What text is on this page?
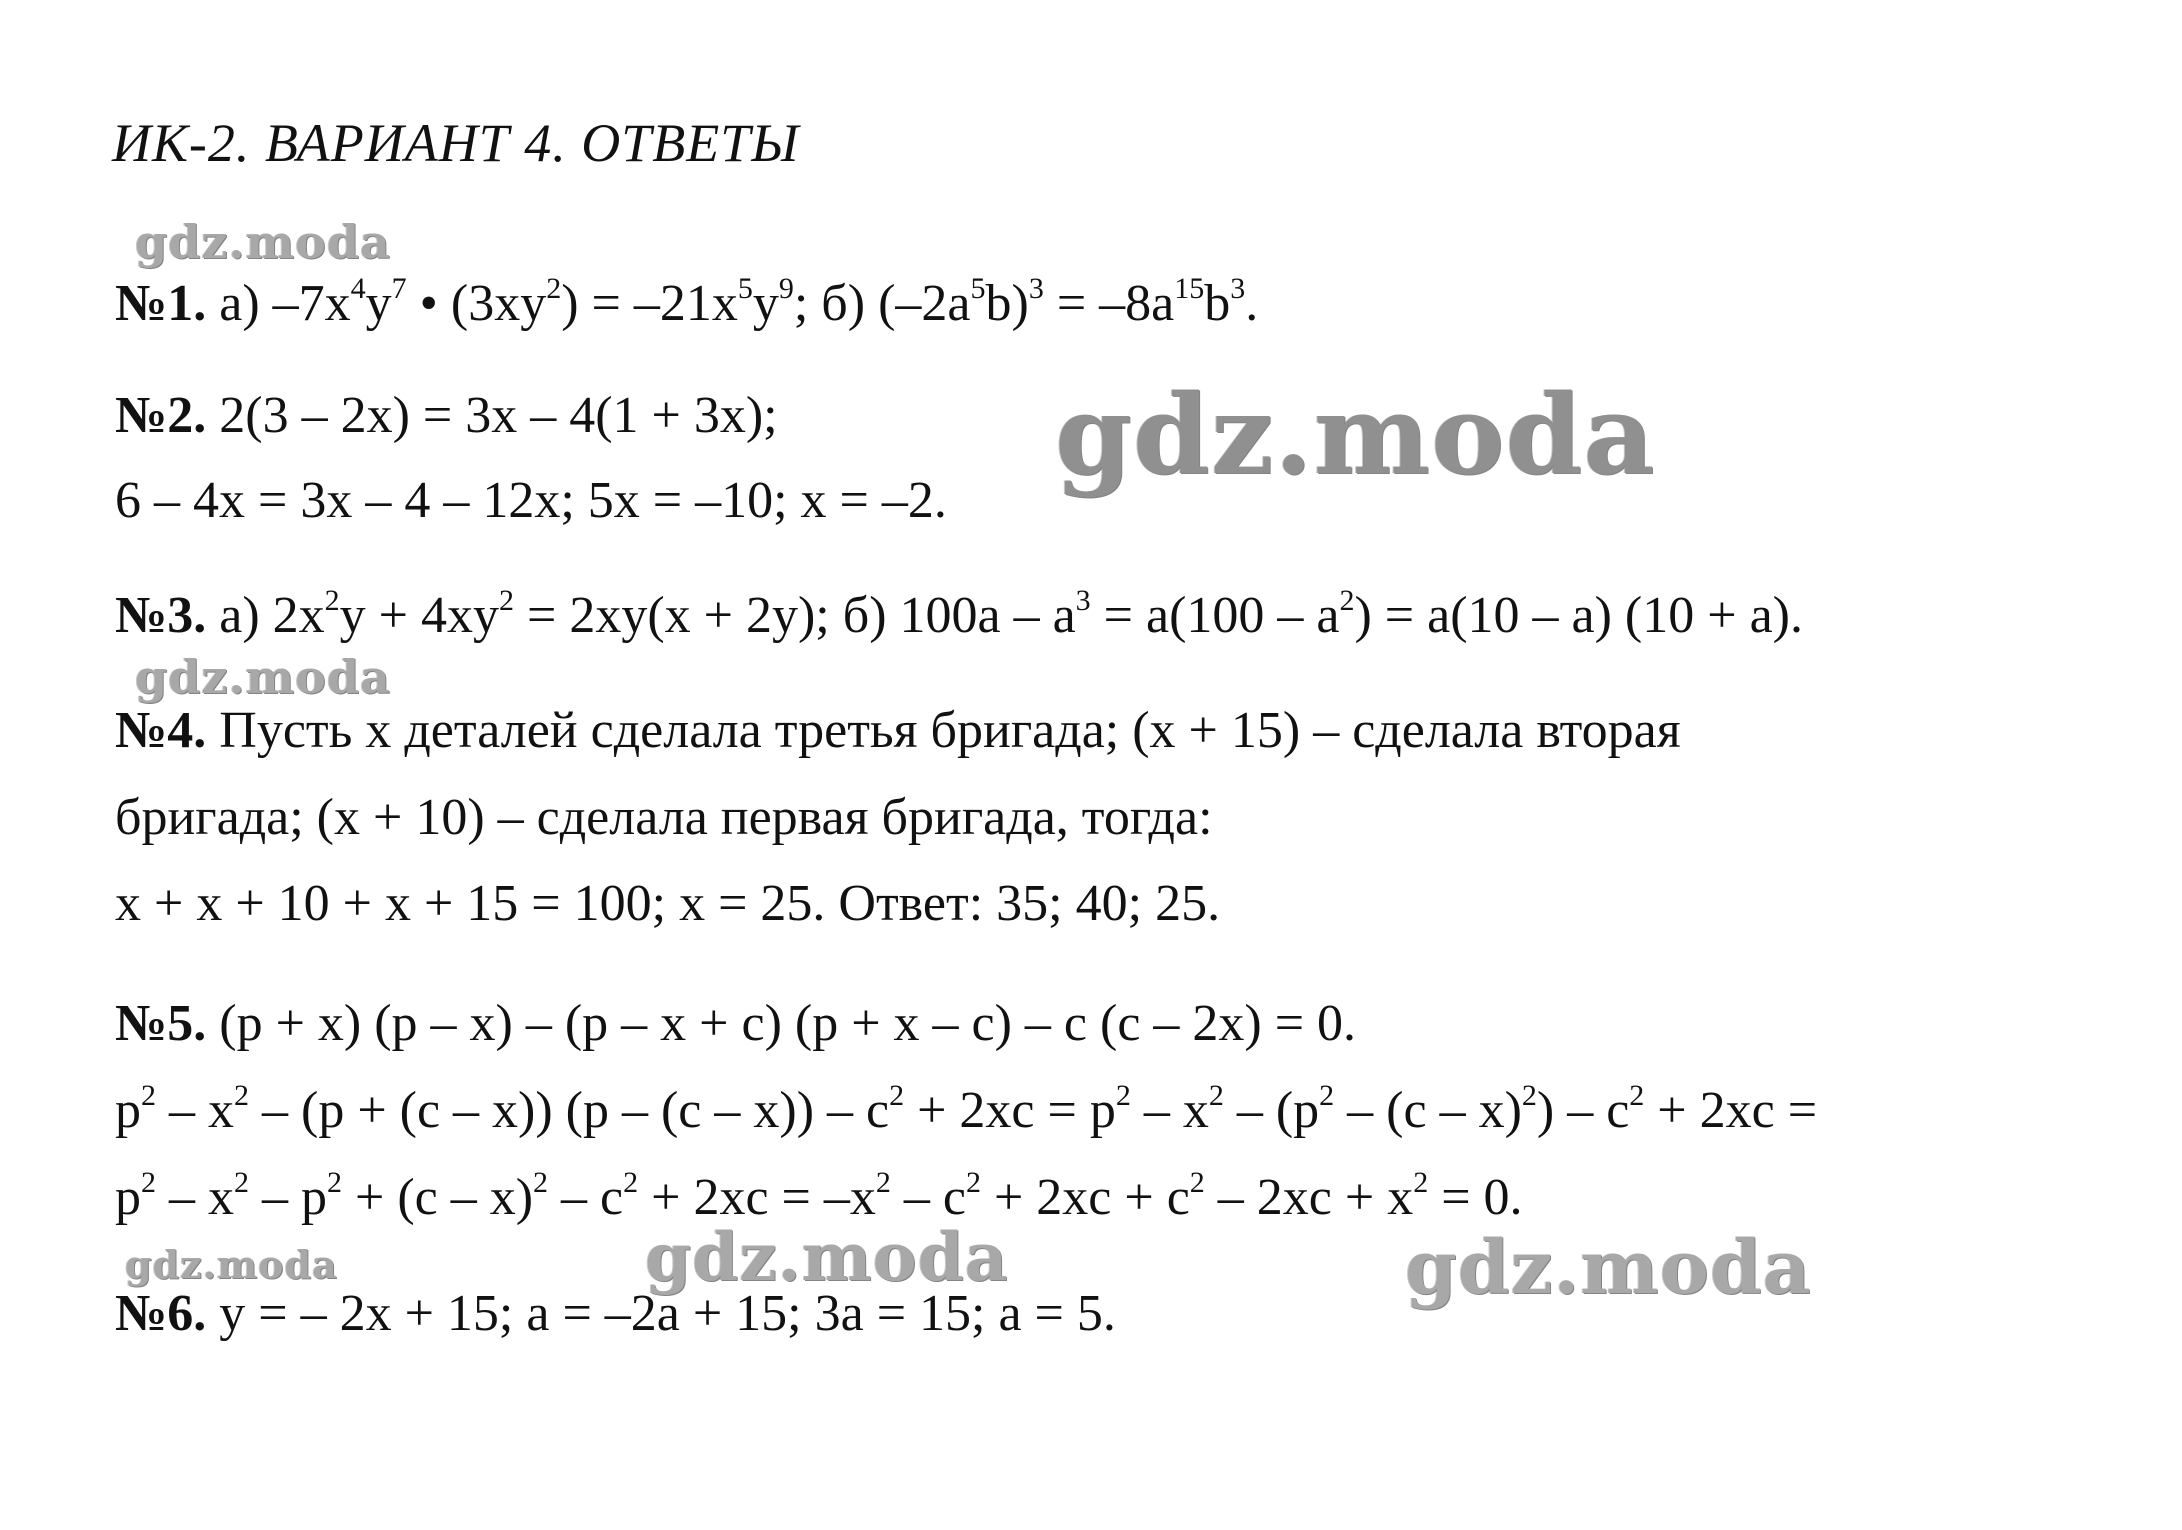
ИК-2. ВАРИАНТ 4. ОТВЕТЫ
gdz.moda
gdz.moda
gdz.moda
gdz.moda	gdz.moda	gdz.moda
№1. а) $-7x^4y^7$ • $(3xy^2) = -21x^5y^9$; б) $(-2a^5b)^3 = -8a^{15}b^3$.
№2. 2(3 – 2x) = 3x – 4(1 + 3x);
6 – 4x = 3x – 4 – 12x; 5x = –10; x = –2.
№3. а) $2x^2y + 4xy^2 = 2xy(x + 2y)$; б) $100a - a^3 = a(100 - a^2) = a(10 - a) (10 + a)$.
№4. Пусть x деталей сделала третья бригада; (x + 15) – сделала вторая
бригада; (x + 10) – сделала первая бригада, тогда:
x + x + 10 + x + 15 = 100; x = 25. Ответ: 35; 40; 25.
№5. (p + x) (p – x) – (p – x + c) (p + x – c) – c (c – 2x) = 0.
$p^2 - x^2 - (p + (c - x))$ $(p - (c - x)) - c^2 + 2xc = p^2 - x^2 - (p^2 - (c - x)^2) - c^2 + 2xc$ =
$p^2 - x^2 - p^2 + (c - x)^2 - c^2 + 2xc = -x^2 - c^2 + 2xc + c^2 - 2xc + x^2 = 0$.
№6. y = – 2x + 15; a = –2a + 15; 3a = 15; a = 5.
